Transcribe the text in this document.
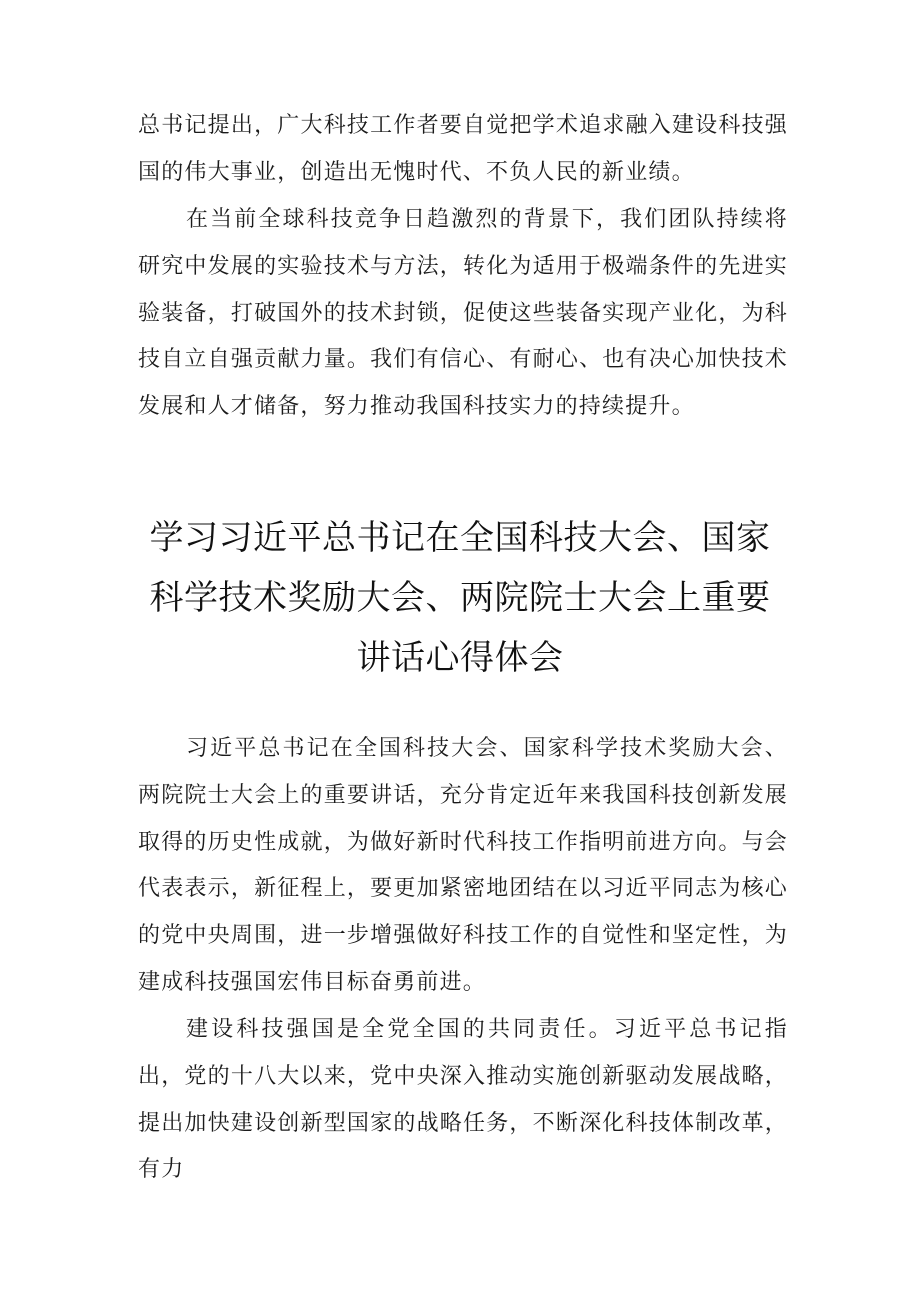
总书记提出，广大科技工作者要自觉把学术追求融入建设科技强国的伟大事业，创造出无愧时代、不负人民的新业绩。

在当前全球科技竞争日趋激烈的背景下，我们团队持续将研究中发展的实验技术与方法，转化为适用于极端条件的先进实验装备，打破国外的技术封锁，促使这些装备实现产业化，为科技自立自强贡献力量。我们有信心、有耐心、也有决心加快技术发展和人才储备，努力推动我国科技实力的持续提升。

学习习近平总书记在全国科技大会、国家
科学技术奖励大会、两院院士大会上重要
讲话心得体会

习近平总书记在全国科技大会、国家科学技术奖励大会、两院院士大会上的重要讲话，充分肯定近年来我国科技创新发展取得的历史性成就，为做好新时代科技工作指明前进方向。与会代表表示，新征程上，要更加紧密地团结在以习近平同志为核心的党中央周围，进一步增强做好科技工作的自觉性和坚定性，为建成科技强国宏伟目标奋勇前进。

建设科技强国是全党全国的共同责任。习近平总书记指出，党的十八大以来，党中央深入推动实施创新驱动发展战略，提出加快建设创新型国家的战略任务，不断深化科技体制改革，有力
